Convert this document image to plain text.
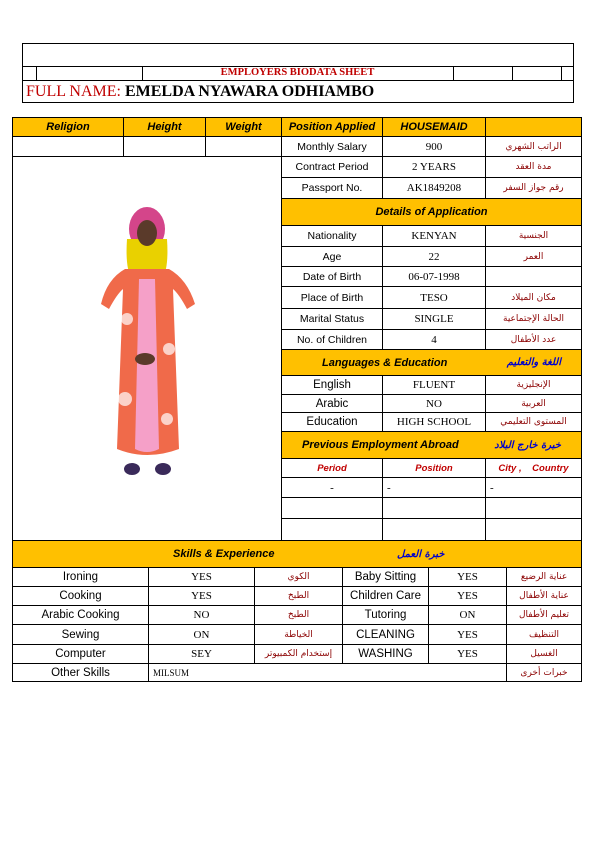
EMPLOYERS BIODATA SHEET
FULL NAME: EMELDA NYAWARA ODHIAMBO
Religion	Height	Weight	Position Applied	HOUSEMAID
Monthly Salary	900	الراتب الشهري
Contract Period	2 YEARS	مدة العقد
Passport No.	AK1849208	رقم جواز السفر
Details of Application
Nationality	KENYAN	الجنسية
Age	22	العمر
Date of Birth	06-07-1998
Place of Birth	TESO	مكان الميلاد
Marital Status	SINGLE	الحالة الإجتماعية
No. of Children	4	عدد الأطفال
Languages & Education	اللغة والتعليم
English	FLUENT	الإنجليزية
Arabic	NO	العربية
Education	HIGH SCHOOL	المستوى التعليمي
Previous Employment Abroad	خبرة خارج البلاد
Period	Position	City ,    Country
-	-	-
Skills & Experience	خبرة العمل
Ironing	YES	الكوي	Baby Sitting	YES	عناية الرضيع
Cooking	YES	الطبخ	Children Care	YES	عناية الأطفال
Arabic Cooking	NO	الطبخ	Tutoring	ON	تعليم الأطفال
Sewing	ON	الخياطة	CLEANING	YES	التنظيف
Computer	SEY	إستخدام الكمبيوتر	WASHING	YES	الغسيل
Other Skills	MILSUM	خبرات أخرى
